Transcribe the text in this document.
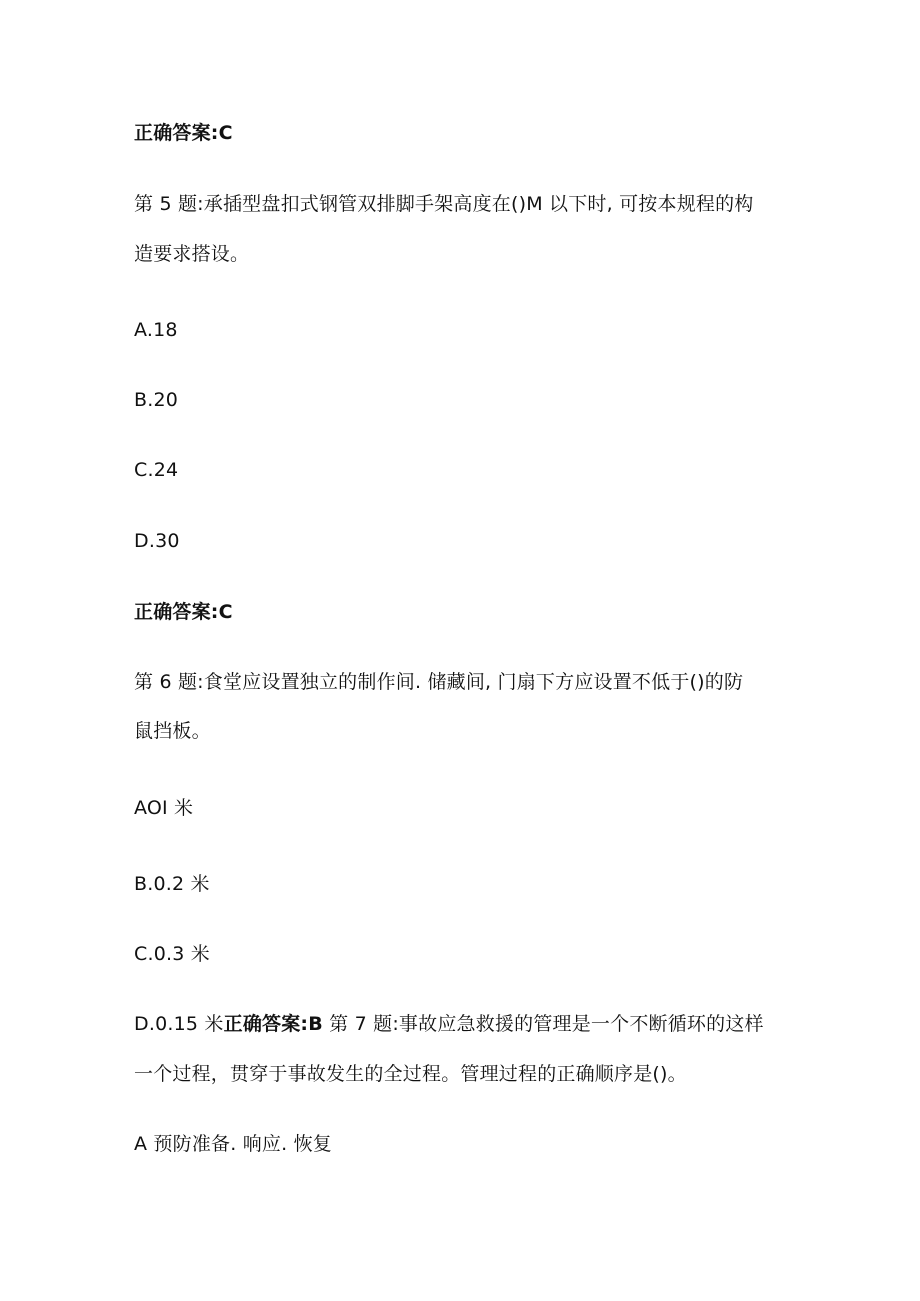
正确答案:C
第 5 题:承插型盘扣式钢管双排脚手架高度在()M 以下时, 可按本规程的构
造要求搭设。
A.18
B.20
C.24
D.30
正确答案:C
第 6 题:食堂应设置独立的制作间. 储藏间, 门扇下方应设置不低于()的防
鼠挡板。
AOI 米
B.0.2 米
C.0.3 米
D.0.15 米正确答案:B 第 7 题:事故应急救援的管理是一个不断循环的这样
一个过程，贯穿于事故发生的全过程。管理过程的正确顺序是()。
A 预防准备. 响应. 恢复
